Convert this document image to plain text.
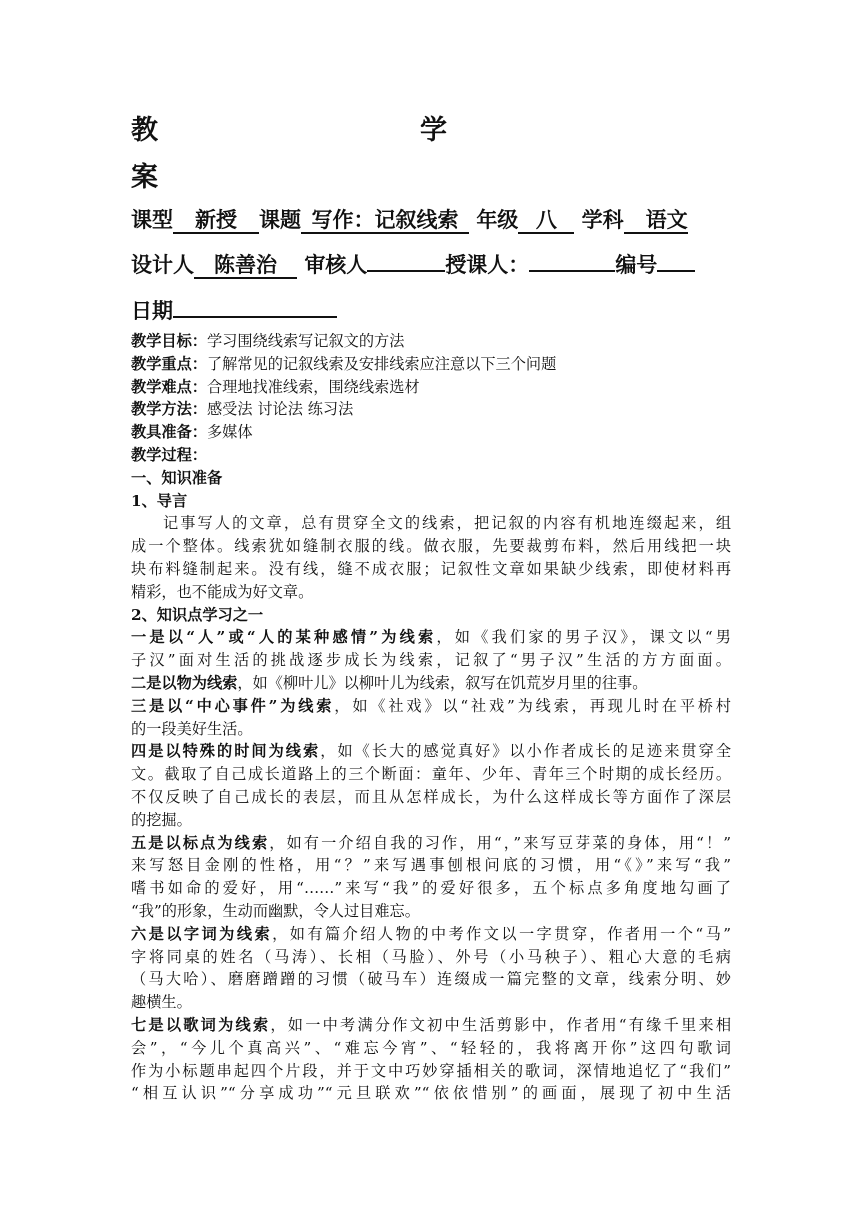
教	学
案
课型 新授 课题 写作：记叙线索 年级 八 学科 语文
设计人 陈善治 审核人	授课人：	编号
日期
教学目标：学习围绕线索写记叙文的方法
教学重点：了解常见的记叙线索及安排线索应注意以下三个问题
教学难点：合理地找准线索，围绕线索选材
教学方法：感受法 讨论法 练习法
教具准备：多媒体
教学过程：
一、知识准备
1、导言
记事写人的文章，总有贯穿全文的线索，把记叙的内容有机地连缀起来，组
成一个整体。线索犹如缝制衣服的线。做衣服，先要裁剪布料，然后用线把一块
块布料缝制起来。没有线，缝不成衣服；记叙性文章如果缺少线索，即使材料再
精彩，也不能成为好文章。
2、知识点学习之一
一是以“人”或“人的某种感情”为线索，如《我们家的男子汉》，课文以“男
子汉”面对生活的挑战逐步成长为线索，记叙了“男子汉”生活的方方面面。
二是以物为线索，如《柳叶儿》以柳叶儿为线索，叙写在饥荒岁月里的往事。
三是以“中心事件”为线索，如《社戏》以“社戏”为线索，再现儿时在平桥村
的一段美好生活。
四是以特殊的时间为线索，如《长大的感觉真好》以小作者成长的足迹来贯穿全
文。截取了自己成长道路上的三个断面：童年、少年、青年三个时期的成长经历。
不仅反映了自己成长的表层，而且从怎样成长，为什么这样成长等方面作了深层
的挖掘。
五是以标点为线索，如有一介绍自我的习作，用“，”来写豆芽菜的身体，用“！”
来写怒目金刚的性格，用“？”来写遇事刨根问底的习惯，用“《》”来写“我”
嗜书如命的爱好，用“……”来写“我”的爱好很多，五个标点多角度地勾画了
“我”的形象，生动而幽默，令人过目难忘。
六是以字词为线索，如有篇介绍人物的中考作文以一字贯穿，作者用一个“马”
字将同桌的姓名（马涛）、长相（马脸）、外号（小马秧子）、粗心大意的毛病
（马大哈）、磨磨蹭蹭的习惯（破马车）连缀成一篇完整的文章，线索分明、妙
趣横生。
七是以歌词为线索，如一中考满分作文初中生活剪影中，作者用“有缘千里来相
会”，“今儿个真高兴”、“难忘今宵”、“轻轻的，我将离开你”这四句歌词
作为小标题串起四个片段，并于文中巧妙穿插相关的歌词，深情地追忆了“我们”
“相互认识”“分享成功”“元旦联欢”“依依惜别”的画面，展现了初中生活
